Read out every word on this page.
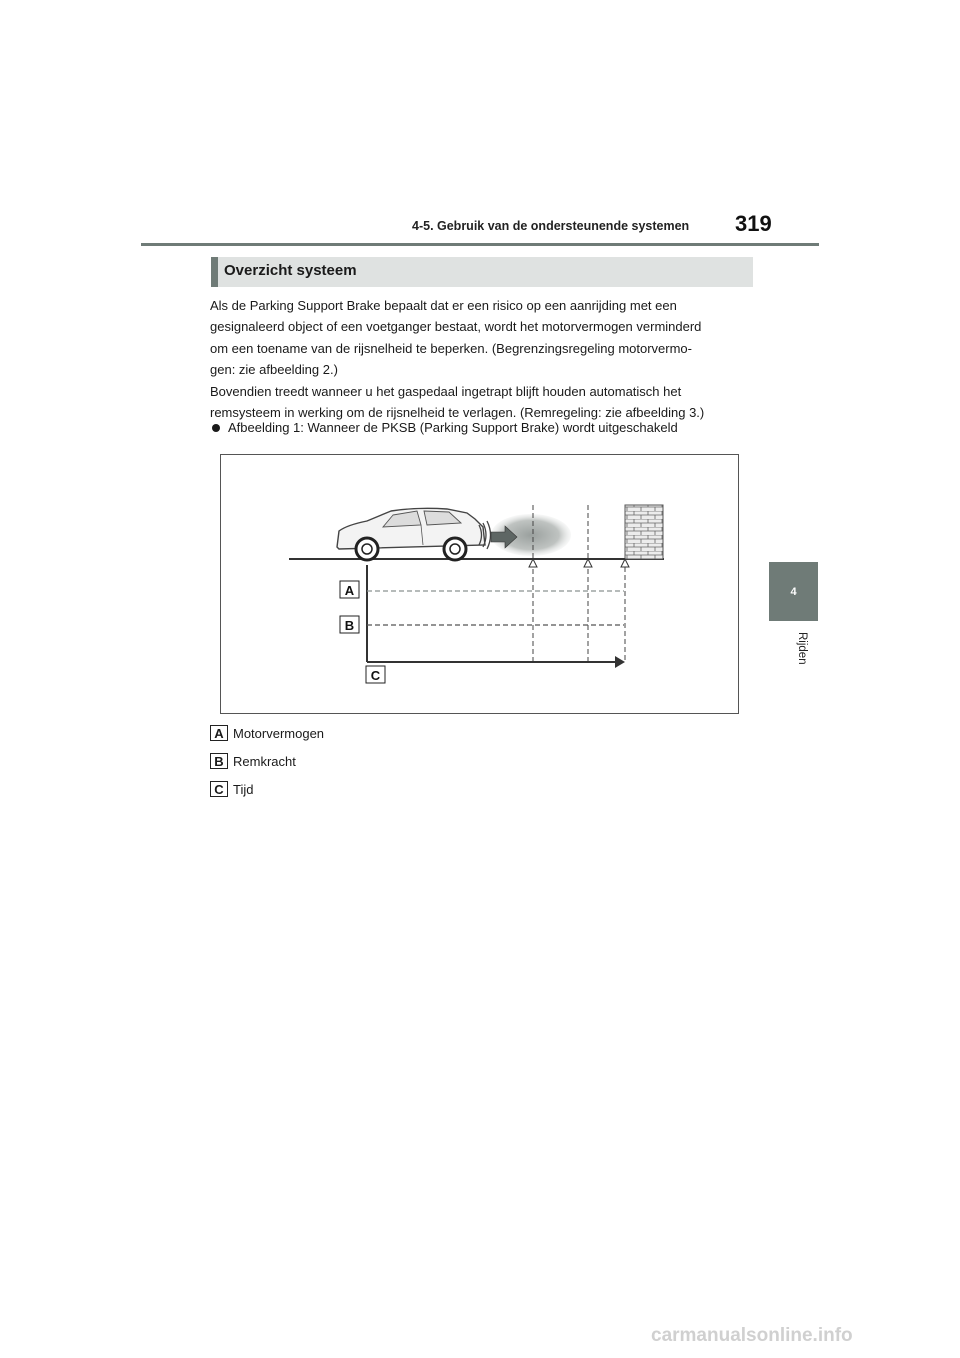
4-5. Gebruik van de ondersteunende systemen 319
4
Rijden
Overzicht systeem
Als de Parking Support Brake bepaalt dat er een risico op een aanrijding met een
gesignaleerd object of een voetganger bestaat, wordt het motorvermogen verminderd
om een toename van de rijsnelheid te beperken. (Begrenzingsregeling motorvermo-
gen: zie afbeelding 2.)
Bovendien treedt wanneer u het gaspedaal ingetrapt blijft houden automatisch het
remsysteem in werking om de rijsnelheid te verlagen. (Remregeling: zie afbeelding 3.)
Afbeelding 1: Wanneer de PKSB (Parking Support Brake) wordt uitgeschakeld
A
B
C
A Motorvermogen
B Remkracht
C Tijd
carmanualsonline.info
